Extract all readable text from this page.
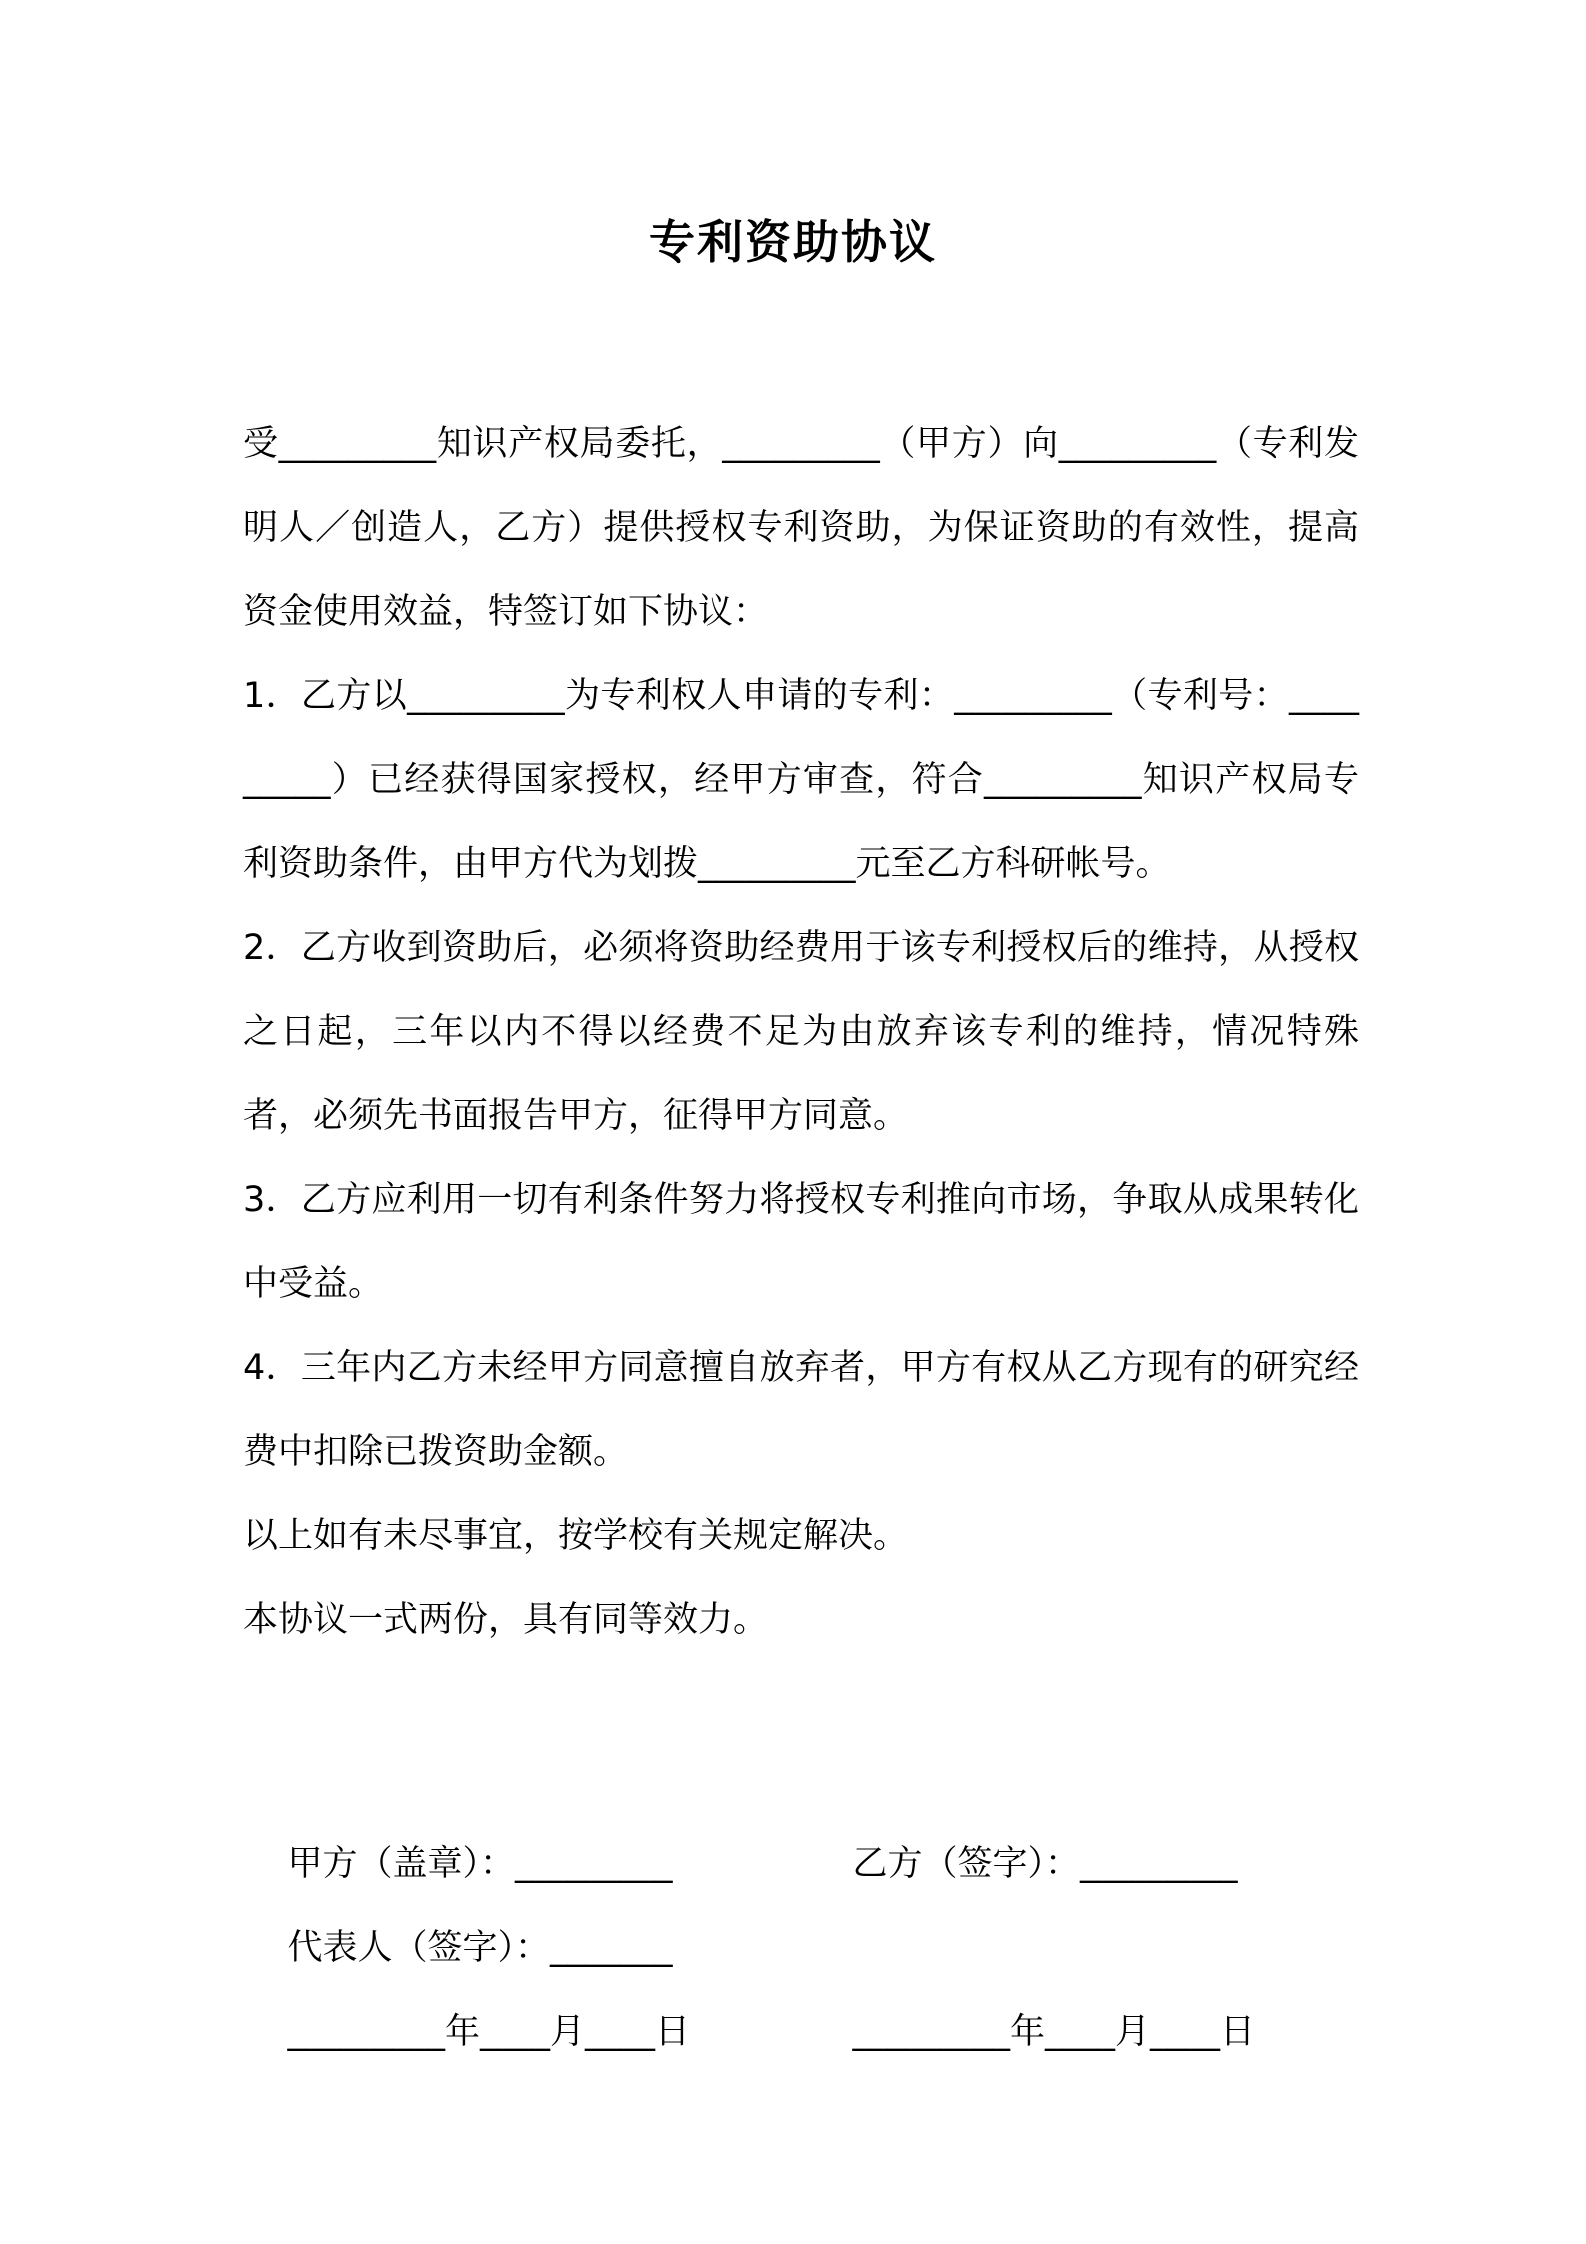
专利资助协议

受_________知识产权局委托，_________（甲方）向_________（专利发明人／创造人，乙方）提供授权专利资助，为保证资助的有效性，提高资金使用效益，特签订如下协议：

1．乙方以_________为专利权人申请的专利：_________（专利号：_________）已经获得国家授权，经甲方审查，符合_________知识产权局专利资助条件，由甲方代为划拨_________元至乙方科研帐号。

2．乙方收到资助后，必须将资助经费用于该专利授权后的维持，从授权之日起，三年以内不得以经费不足为由放弃该专利的维持，情况特殊者，必须先书面报告甲方，征得甲方同意。

3．乙方应利用一切有利条件努力将授权专利推向市场，争取从成果转化中受益。

4．三年内乙方未经甲方同意擅自放弃者，甲方有权从乙方现有的研究经费中扣除已拨资助金额。

以上如有未尽事宜，按学校有关规定解决。

本协议一式两份，具有同等效力。

甲方（盖章）：_________	乙方（签字）：_________

代表人（签字）：_______

_________年____月____日	_________年____月____日
